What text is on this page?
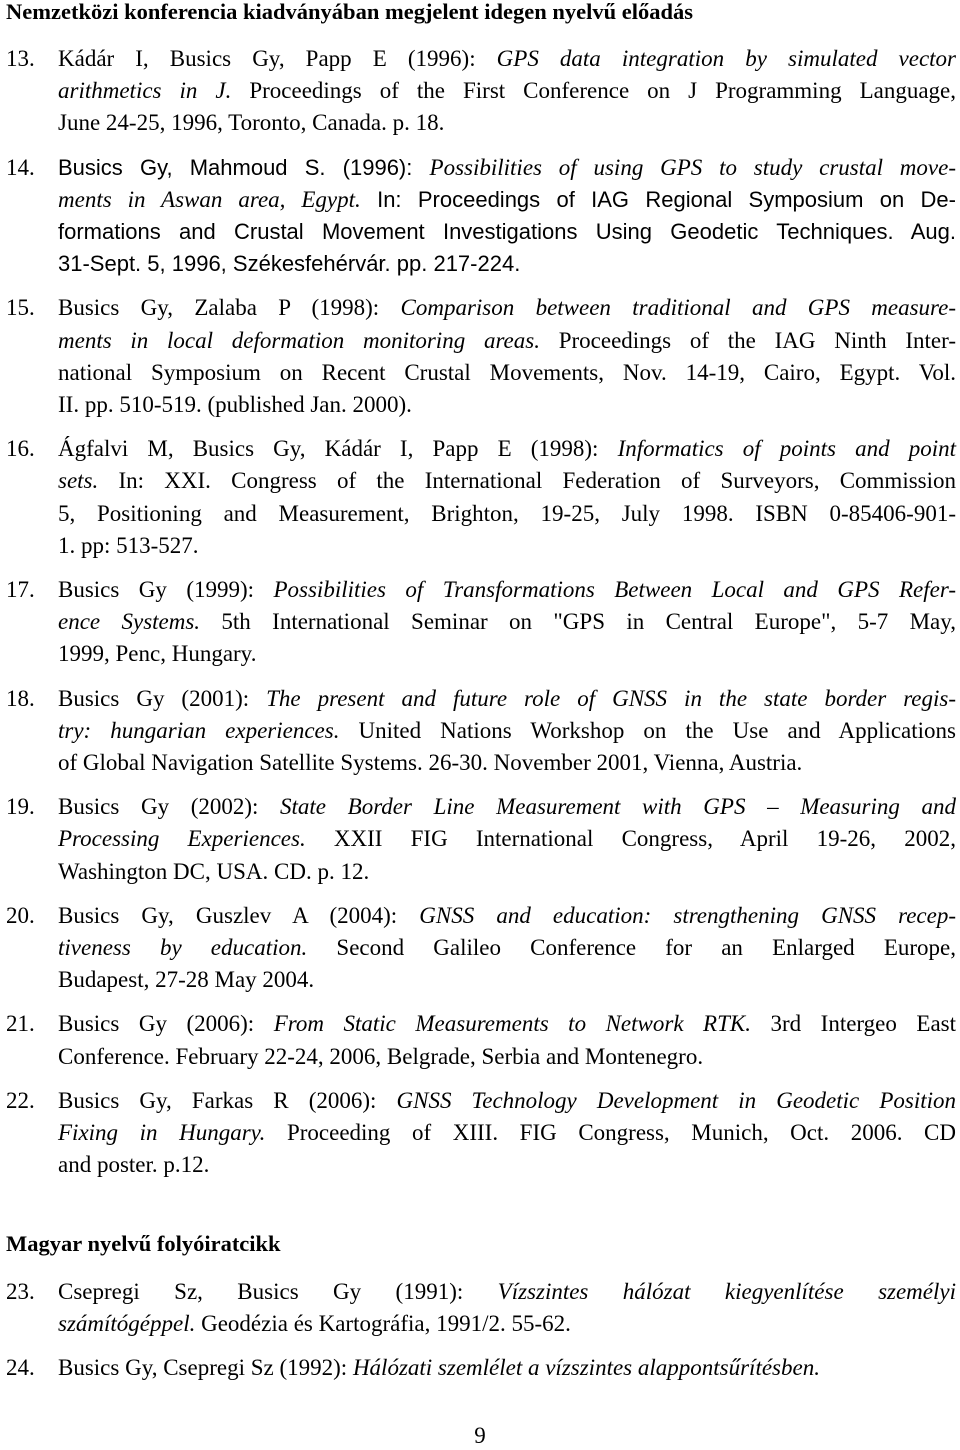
Nemzetközi konferencia kiadványában megjelent idegen nyelvű előadás
13. Kádár I, Busics Gy, Papp E (1996): GPS data integration by simulated vector
arithmetics in J. Proceedings of the First Conference on J Programming Language,
June 24-25, 1996, Toronto, Canada. p. 18.
14. Busics Gy, Mahmoud S. (1996): Possibilities of using GPS to study crustal move-
ments in Aswan area, Egypt. In: Proceedings of IAG Regional Symposium on De-
formations and Crustal Movement Investigations Using Geodetic Techniques. Aug.
31-Sept. 5, 1996, Székesfehérvár. pp. 217-224.
15. Busics Gy, Zalaba P (1998): Comparison between traditional and GPS measure-
ments in local deformation monitoring areas. Proceedings of the IAG Ninth Inter-
national Symposium on Recent Crustal Movements, Nov. 14-19, Cairo, Egypt. Vol.
II. pp. 510-519. (published Jan. 2000).
16. Ágfalvi M, Busics Gy, Kádár I, Papp E (1998): Informatics of points and point
sets. In: XXI. Congress of the International Federation of Surveyors, Commission
5, Positioning and Measurement, Brighton, 19-25, July 1998. ISBN 0-85406-901-
1. pp: 513-527.
17. Busics Gy (1999): Possibilities of Transformations Between Local and GPS Refer-
ence Systems. 5th International Seminar on "GPS in Central Europe", 5-7 May,
1999, Penc, Hungary.
18. Busics Gy (2001): The present and future role of GNSS in the state border regis-
try: hungarian experiences. United Nations Workshop on the Use and Applications
of Global Navigation Satellite Systems. 26-30. November 2001, Vienna, Austria.
19. Busics Gy (2002): State Border Line Measurement with GPS – Measuring and
Processing Experiences. XXII FIG International Congress, April 19-26, 2002,
Washington DC, USA. CD. p. 12.
20. Busics Gy, Guszlev A (2004): GNSS and education: strengthening GNSS recep-
tiveness by education. Second Galileo Conference for an Enlarged Europe,
Budapest, 27-28 May 2004.
21. Busics Gy (2006): From Static Measurements to Network RTK. 3rd Intergeo East
Conference. February 22-24, 2006, Belgrade, Serbia and Montenegro.
22. Busics Gy, Farkas R (2006): GNSS Technology Development in Geodetic Position
Fixing in Hungary. Proceeding of XIII. FIG Congress, Munich, Oct. 2006. CD
and poster. p.12.
Magyar nyelvű folyóiratcikk
23. Csepregi Sz, Busics Gy (1991): Vízszintes hálózat kiegyenlítése személyi
számítógéppel. Geodézia és Kartográfia, 1991/2. 55-62.
24. Busics Gy, Csepregi Sz (1992): Hálózati szemlélet a vízszintes alappontsűrítésben.
9
